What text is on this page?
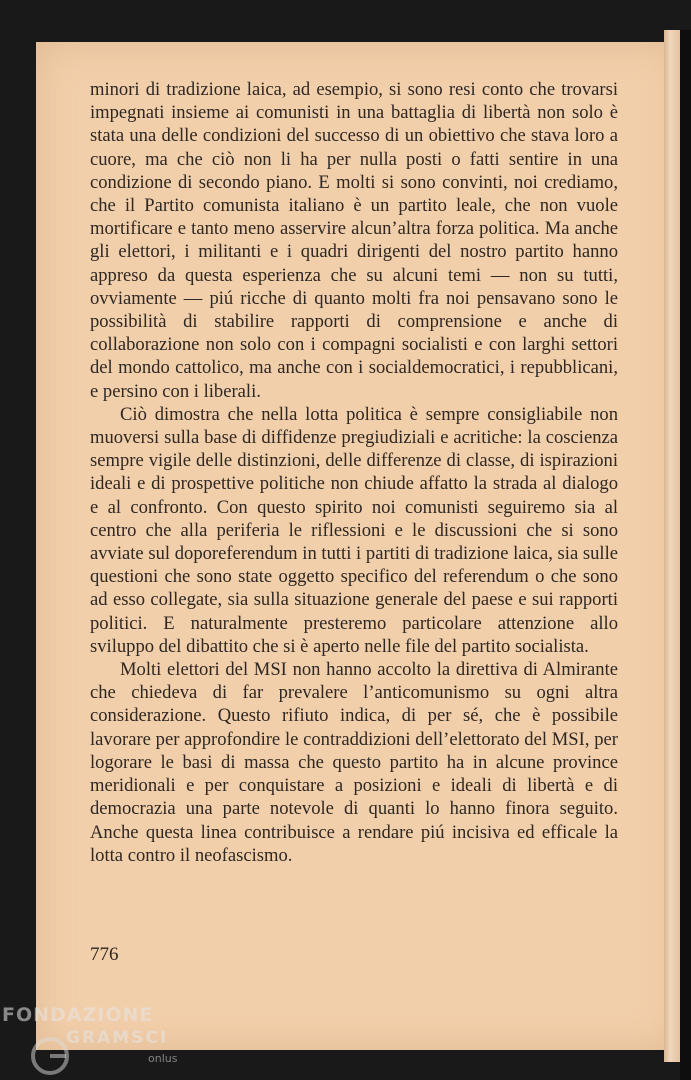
minori di tradizione laica, ad esempio, si sono resi conto che trovarsi impegnati insieme ai comunisti in una battaglia di libertà non solo è stata una delle condizioni del successo di un obiettivo che stava loro a cuore, ma che ciò non li ha per nulla posti o fatti sentire in una condizione di secondo piano. E molti si sono convinti, noi crediamo, che il Partito comunista italiano è un partito leale, che non vuole mortificare e tanto meno asservire alcun’altra forza politica. Ma anche gli elettori, i militanti e i quadri dirigenti del nostro partito hanno appreso da questa esperienza che su alcuni temi — non su tutti, ovviamente — piú ricche di quanto molti fra noi pensavano sono le possibilità di stabilire rapporti di comprensione e anche di collaborazione non solo con i compagni socialisti e con larghi settori del mondo cattolico, ma anche con i socialdemocratici, i repubblicani, e persino con i liberali.

Ciò dimostra che nella lotta politica è sempre consigliabile non muoversi sulla base di diffidenze pregiudiziali e acritiche: la coscienza sempre vigile delle distinzioni, delle differenze di classe, di ispirazioni ideali e di prospettive politiche non chiude affatto la strada al dialogo e al confronto. Con questo spirito noi comunisti seguiremo sia al centro che alla periferia le riflessioni e le discussioni che si sono avviate sul doporeferendum in tutti i partiti di tradizione laica, sia sulle questioni che sono state oggetto specifico del referendum o che sono ad esso collegate, sia sulla situazione generale del paese e sui rapporti politici. E naturalmente presteremo particolare attenzione allo sviluppo del dibattito che si è aperto nelle file del partito socialista.

Molti elettori del MSI non hanno accolto la direttiva di Almirante che chiedeva di far prevalere l’anticomunismo su ogni altra considerazione. Questo rifiuto indica, di per sé, che è possibile lavorare per approfondire le contraddizioni dell’elettorato del MSI, per logorare le basi di massa che questo partito ha in alcune province meridionali e per conquistare a posizioni e ideali di libertà e di democrazia una parte notevole di quanti lo hanno finora seguito. Anche questa linea contribuisce a rendare piú incisiva ed efficale la lotta contro il neofascismo.

776
FONDAZIONE
GRAMSCI
onlus
